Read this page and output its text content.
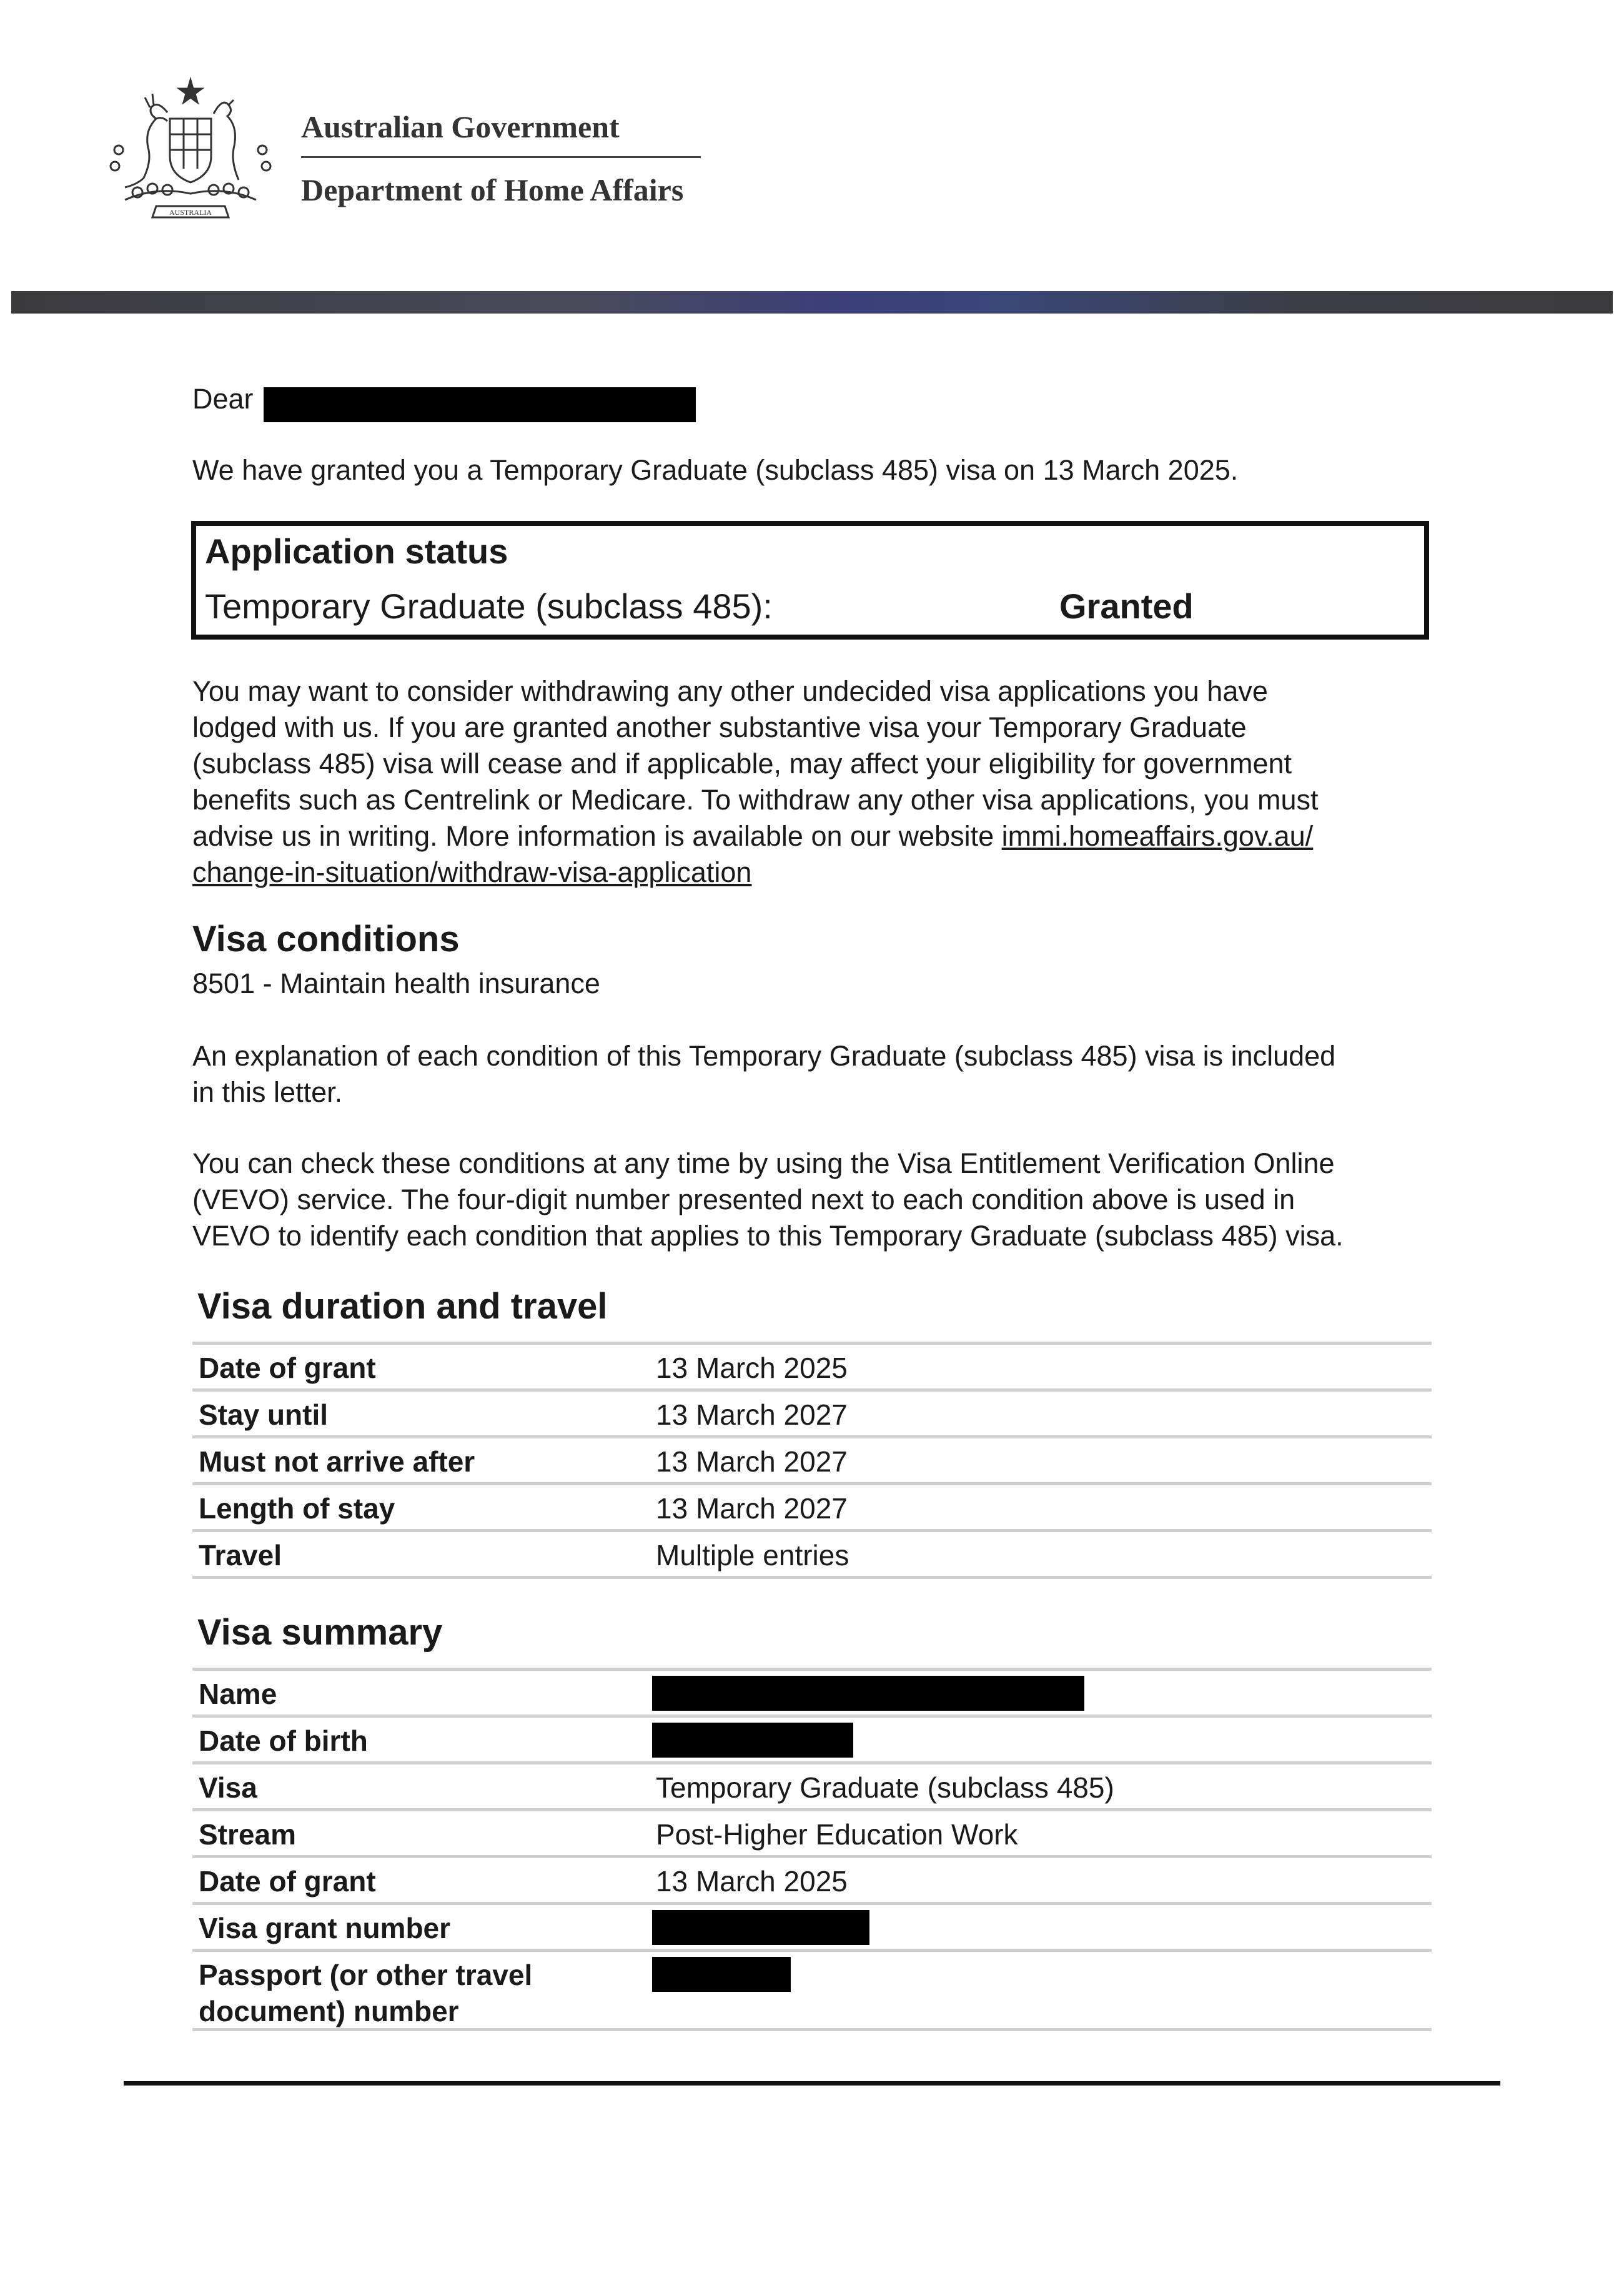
AUSTRALIA
Australian Government
Department of Home Affairs
Dear
We have granted you a Temporary Graduate (subclass 485) visa on 13 March 2025.
Application status
Temporary Graduate (subclass 485):	Granted
You may want to consider withdrawing any other undecided visa applications you have
lodged with us. If you are granted another substantive visa your Temporary Graduate
(subclass 485) visa will cease and if applicable, may affect your eligibility for government
benefits such as Centrelink or Medicare. To withdraw any other visa applications, you must
advise us in writing. More information is available on our website immi.homeaffairs.gov.au/
change-in-situation/withdraw-visa-application
Visa conditions
8501 - Maintain health insurance
An explanation of each condition of this Temporary Graduate (subclass 485) visa is included
in this letter.
You can check these conditions at any time by using the Visa Entitlement Verification Online
(VEVO) service. The four-digit number presented next to each condition above is used in
VEVO to identify each condition that applies to this Temporary Graduate (subclass 485) visa.
Visa duration and travel
Date of grant	13 March 2025
Stay until	13 March 2027
Must not arrive after	13 March 2027
Length of stay	13 March 2027
Travel	Multiple entries
Visa summary
Name
Date of birth
Visa	Temporary Graduate (subclass 485)
Stream	Post-Higher Education Work
Date of grant	13 March 2025
Visa grant number
Passport (or other travel
document) number
